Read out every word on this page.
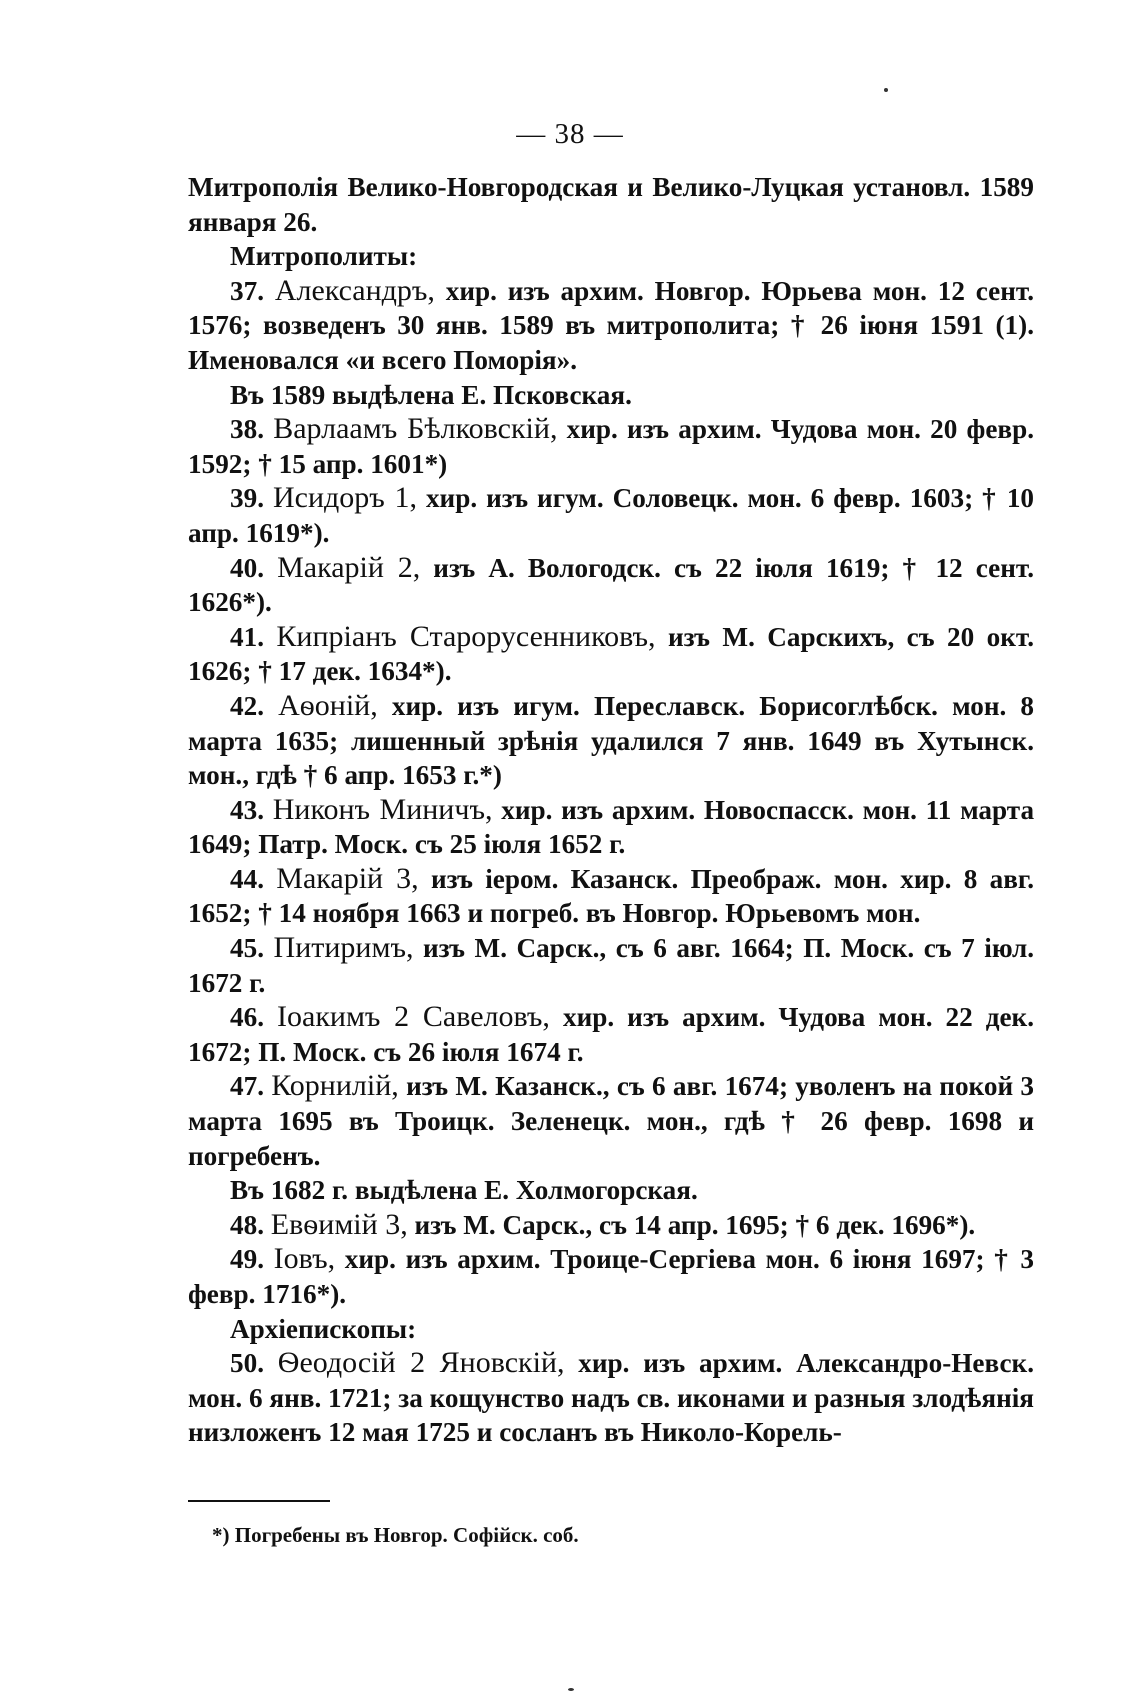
— 38 —

Митрополія Велико-Новгородская и Велико-Луцкая установл. 1589 января 26.

Митрополиты:

37. Александръ, хир. изъ архим. Новгор. Юрьева мон. 12 сент. 1576; возведенъ 30 янв. 1589 въ митрополита; † 26 іюня 1591 (1). Именовался «и всего Поморія».

Въ 1589 выдѣлена Е. Псковская.

38. Варлаамъ Бѣлковскій, хир. изъ архим. Чудова мон. 20 февр. 1592; † 15 апр. 1601*)

39. Исидоръ 1, хир. изъ игум. Соловецк. мон. 6 февр. 1603; † 10 апр. 1619*).

40. Макарій 2, изъ А. Вологодск. съ 22 іюля 1619; † 12 сент. 1626*).

41. Кипріанъ Старорусенниковъ, изъ М. Сарскихъ, съ 20 окт. 1626; † 17 дек. 1634*).

42. Аѳоній, хир. изъ игум. Переславск. Борисоглѣбск. мон. 8 марта 1635; лишенный зрѣнія удалился 7 янв. 1649 въ Хутынск. мон., гдѣ † 6 апр. 1653 г.*)

43. Никонъ Миничъ, хир. изъ архим. Новоспасск. мон. 11 марта 1649; Патр. Моск. съ 25 іюля 1652 г.

44. Макарій 3, изъ іером. Казанск. Преображ. мон. хир. 8 авг. 1652; † 14 ноября 1663 и погреб. въ Новгор. Юрьевомъ мон.

45. Питиримъ, изъ М. Сарск., съ 6 авг. 1664; П. Моск. съ 7 іюл. 1672 г.

46. Іоакимъ 2 Савеловъ, хир. изъ архим. Чудова мон. 22 дек. 1672; П. Моск. съ 26 іюля 1674 г.

47. Корнилій, изъ М. Казанск., съ 6 авг. 1674; уволенъ на покой 3 марта 1695 въ Троицк. Зеленецк. мон., гдѣ † 26 февр. 1698 и погребенъ.

Въ 1682 г. выдѣлена Е. Холмогорская.

48. Евѳимій 3, изъ М. Сарск., съ 14 апр. 1695; † 6 дек. 1696*).

49. Іовъ, хир. изъ архим. Троице-Сергіева мон. 6 іюня 1697; † 3 февр. 1716*).

Архіепископы:

50. Ѳеодосій 2 Яновскій, хир. изъ архим. Александро-Невск. мон. 6 янв. 1721; за кощунство надъ св. иконами и разныя злодѣянія низложенъ 12 мая 1725 и сосланъ въ Николо-Корель-

*) Погребены въ Новгор. Софійск. соб.
